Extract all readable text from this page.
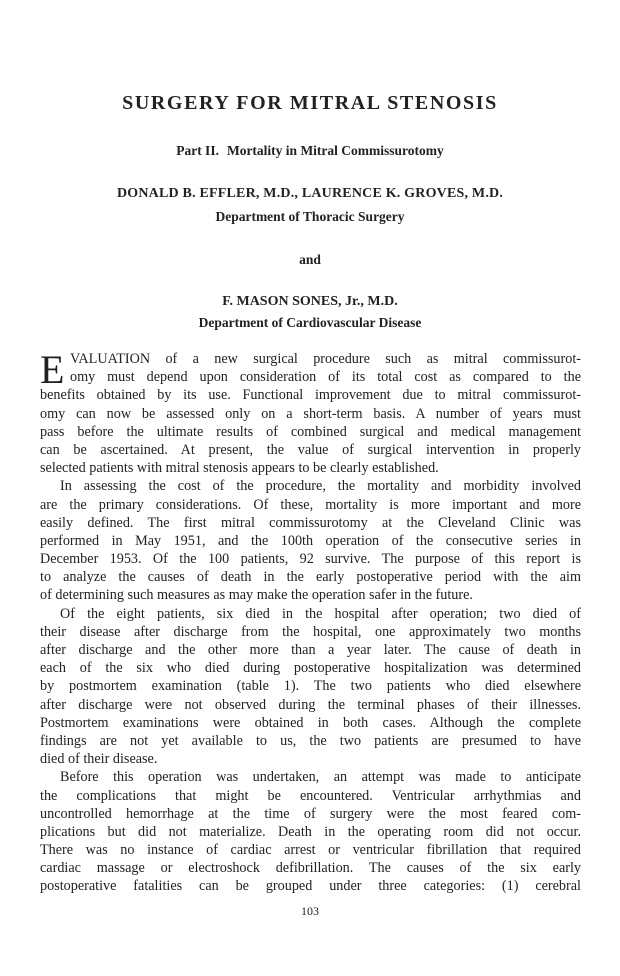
SURGERY FOR MITRAL STENOSIS
Part II. Mortality in Mitral Commissurotomy
DONALD B. EFFLER, M.D., LAURENCE K. GROVES, M.D.
Department of Thoracic Surgery
and
F. MASON SONES, Jr., M.D.
Department of Cardiovascular Disease
E VALUATION of a new surgical procedure such as mitral commissurot-
omy must depend upon consideration of its total cost as compared to the
benefits obtained by its use. Functional improvement due to mitral commissurot-
omy can now be assessed only on a short-term basis. A number of years must
pass before the ultimate results of combined surgical and medical management
can be ascertained. At present, the value of surgical intervention in properly
selected patients with mitral stenosis appears to be clearly established.
In assessing the cost of the procedure, the mortality and morbidity involved
are the primary considerations. Of these, mortality is more important and more
easily defined. The first mitral commissurotomy at the Cleveland Clinic was
performed in May 1951, and the 100th operation of the consecutive series in
December 1953. Of the 100 patients, 92 survive. The purpose of this report is
to analyze the causes of death in the early postoperative period with the aim
of determining such measures as may make the operation safer in the future.
Of the eight patients, six died in the hospital after operation; two died of
their disease after discharge from the hospital, one approximately two months
after discharge and the other more than a year later. The cause of death in
each of the six who died during postoperative hospitalization was determined
by postmortem examination (table 1). The two patients who died elsewhere
after discharge were not observed during the terminal phases of their illnesses.
Postmortem examinations were obtained in both cases. Although the complete
findings are not yet available to us, the two patients are presumed to have
died of their disease.
Before this operation was undertaken, an attempt was made to anticipate
the complications that might be encountered. Ventricular arrhythmias and
uncontrolled hemorrhage at the time of surgery were the most feared com-
plications but did not materialize. Death in the operating room did not occur.
There was no instance of cardiac arrest or ventricular fibrillation that required
cardiac massage or electroshock defibrillation. The causes of the six early
postoperative fatalities can be grouped under three categories: (1) cerebral
103
